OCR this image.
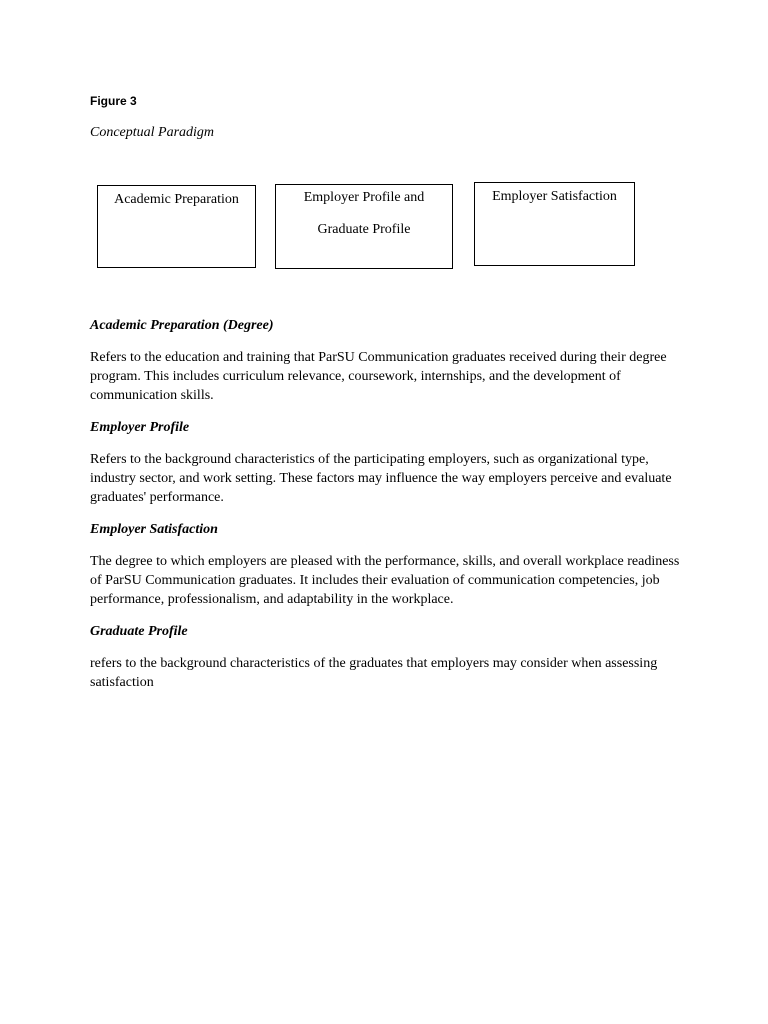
Figure 3
Conceptual Paradigm
Academic Preparation	Employer Profile and
Graduate Profile
Employer Satisfaction

Academic Preparation (Degree)

Refers to the education and training that ParSU Communication graduates received during their degree program. This includes curriculum relevance, coursework, internships, and the development of communication skills.

Employer Profile

Refers to the background characteristics of the participating employers, such as organizational type, industry sector, and work setting. These factors may influence the way employers perceive and evaluate graduates' performance.

Employer Satisfaction

The degree to which employers are pleased with the performance, skills, and overall workplace readiness of ParSU Communication graduates. It includes their evaluation of communication competencies, job performance, professionalism, and adaptability in the workplace.

Graduate Profile

refers to the background characteristics of the graduates that employers may consider when assessing satisfaction
